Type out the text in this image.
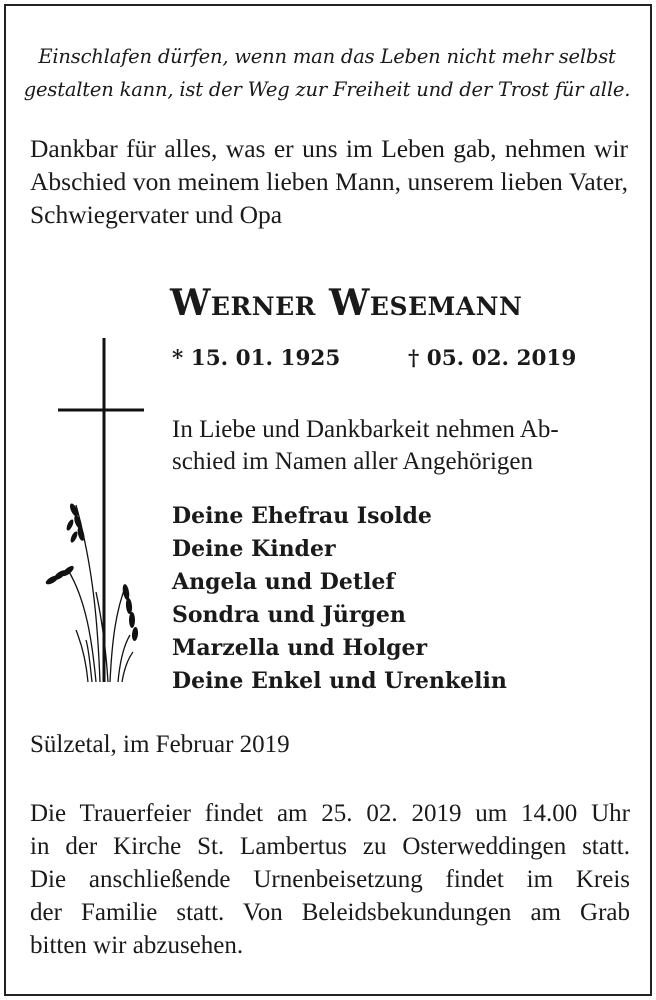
Einschlafen dürfen, wenn man das Leben nicht mehr selbst
gestalten kann, ist der Weg zur Freiheit und der Trost für alle.
Dankbar für alles, was er uns im Leben gab, nehmen wir Abschied von meinem lieben Mann, unserem lieben Vater, Schwiegervater und Opa
Werner Wesemann
* 15. 01. 1925	† 05. 02. 2019
In Liebe und Dankbarkeit nehmen Ab-
schied im Namen aller Angehörigen
Deine Ehefrau Isolde
Deine Kinder
Angela und Detlef
Sondra und Jürgen
Marzella und Holger
Deine Enkel und Urenkelin
Sülzetal, im Februar 2019
Die Trauerfeier findet am 25. 02. 2019 um 14.00 Uhr
in der Kirche St. Lambertus zu Osterweddingen statt.
Die anschließende Urnenbeisetzung findet im Kreis
der Familie statt. Von Beleidsbekundungen am Grab
bitten wir abzusehen.
